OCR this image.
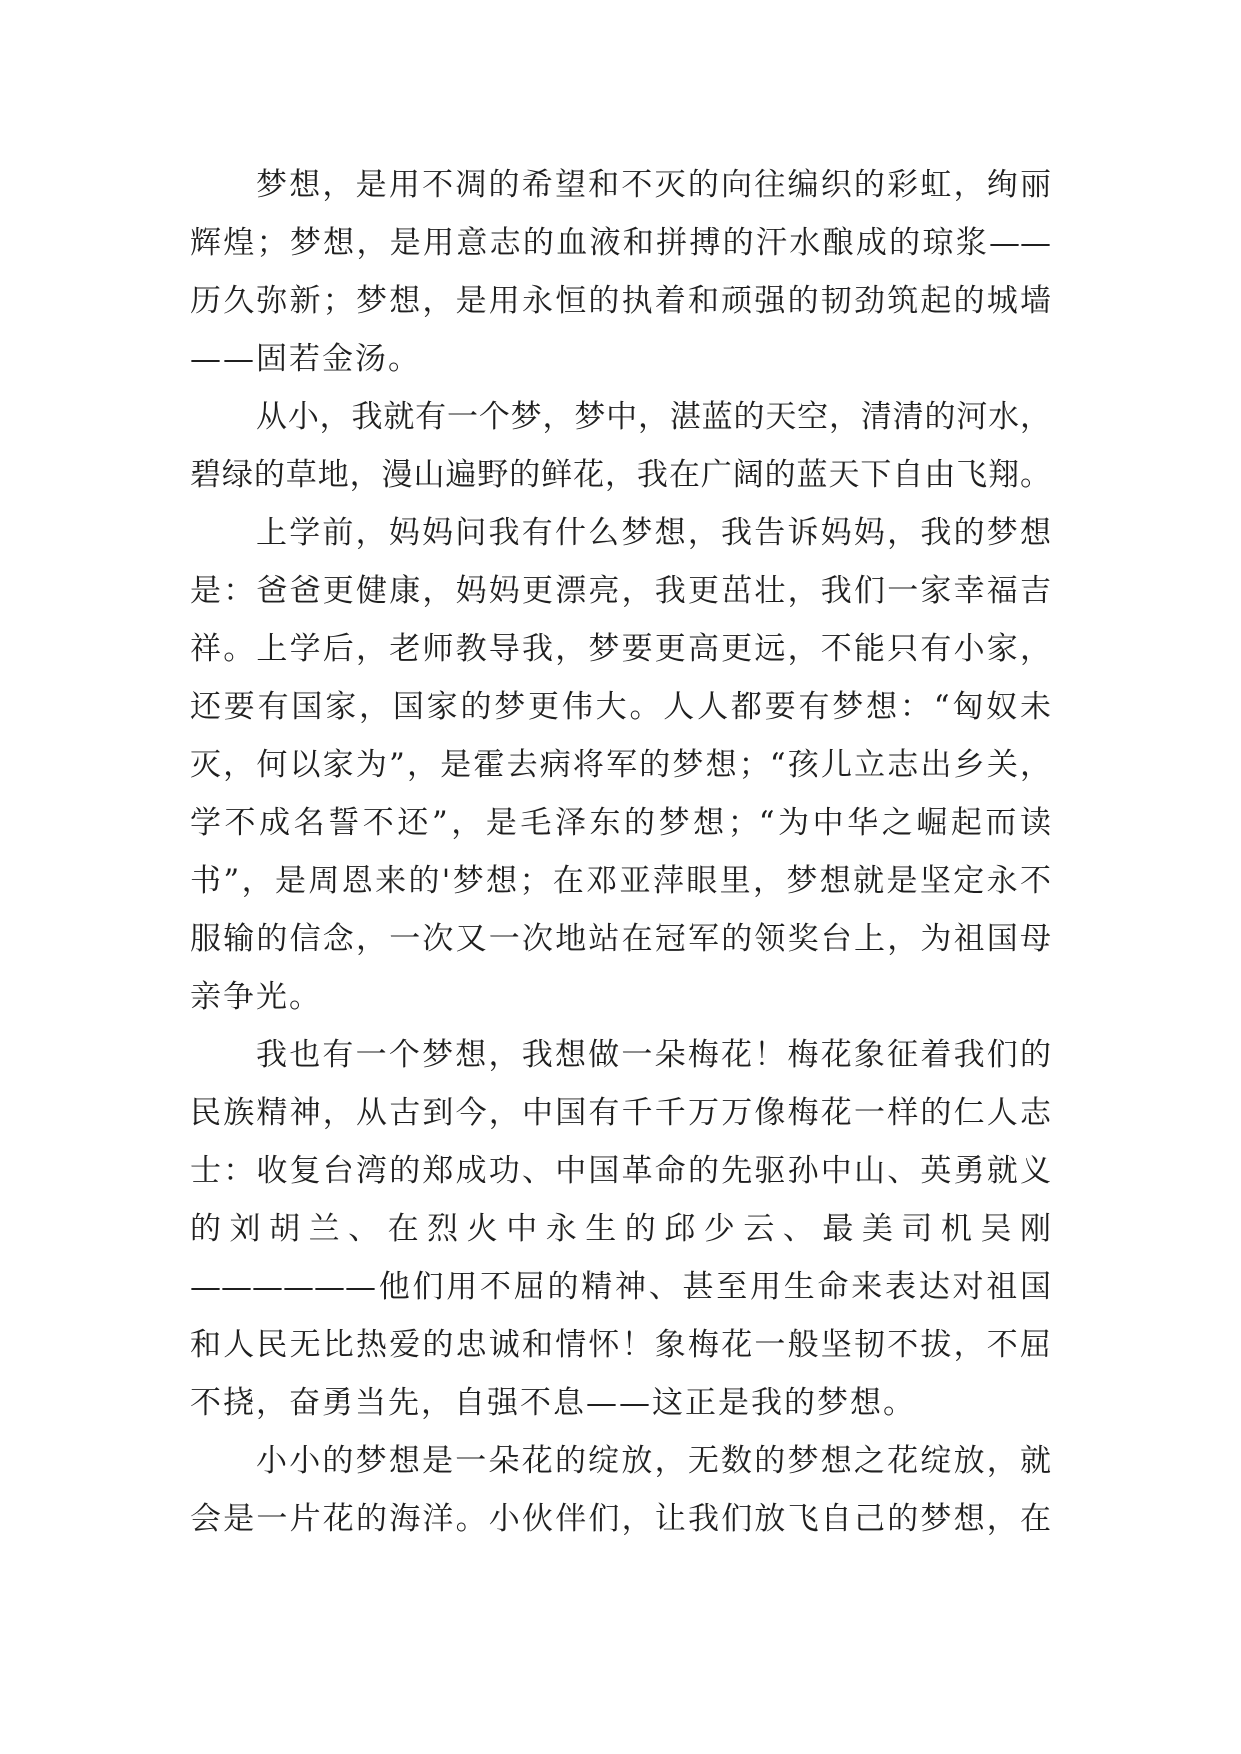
梦想，是用不凋的希望和不灭的向往编织的彩虹，绚丽
辉煌；梦想，是用意志的血液和拼搏的汗水酿成的琼浆——
历久弥新；梦想，是用永恒的执着和顽强的韧劲筑起的城墙
——固若金汤。
从小，我就有一个梦，梦中，湛蓝的天空，清清的河水，
碧绿的草地，漫山遍野的鲜花，我在广阔的蓝天下自由飞翔。
上学前，妈妈问我有什么梦想，我告诉妈妈，我的梦想
是：爸爸更健康，妈妈更漂亮，我更茁壮，我们一家幸福吉
祥。上学后，老师教导我，梦要更高更远，不能只有小家，
还要有国家，国家的梦更伟大。人人都要有梦想：“匈奴未
灭，何以家为”，是霍去病将军的梦想；“孩儿立志出乡关，
学不成名誓不还”，是毛泽东的梦想；“为中华之崛起而读
书”，是周恩来的'梦想；在邓亚萍眼里，梦想就是坚定永不
服输的信念，一次又一次地站在冠军的领奖台上，为祖国母
亲争光。
我也有一个梦想，我想做一朵梅花！梅花象征着我们的
民族精神，从古到今，中国有千千万万像梅花一样的仁人志
士：收复台湾的郑成功、中国革命的先驱孙中山、英勇就义
的刘胡兰、在烈火中永生的邱少云、最美司机吴刚
——————他们用不屈的精神、甚至用生命来表达对祖国
和人民无比热爱的忠诚和情怀！象梅花一般坚韧不拔，不屈
不挠，奋勇当先，自强不息——这正是我的梦想。
小小的梦想是一朵花的绽放，无数的梦想之花绽放，就
会是一片花的海洋。小伙伴们，让我们放飞自己的梦想，在
